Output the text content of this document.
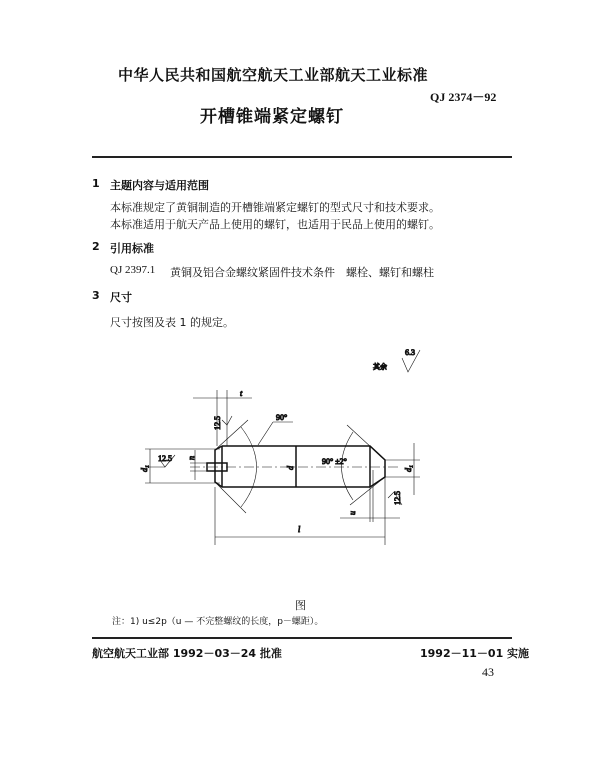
中华人民共和国航空航天工业部航天工业标准
QJ 2374－92
开槽锥端紧定螺钉
1 主题内容与适用范围
本标准规定了黄铜制造的开槽锥端紧定螺钉的型式尺寸和技术要求。
本标准适用于航天产品上使用的螺钉，也适用于民品上使用的螺钉。
2 引用标准
QJ 2397.1 黄铜及铝合金螺纹紧固件技术条件　螺栓、螺钉和螺柱
3 尺寸
尺寸按图及表 1 的规定。
其余
6.3
90°
90° ±2°
12.5
12.5
12.5
t
n
d₁	d	d₁
u
l
图
注：1) u≤2p（u — 不完整螺纹的长度，p－螺距）。
航空航天工业部 1992－03－24 批准	1992－11－01 实施
43
